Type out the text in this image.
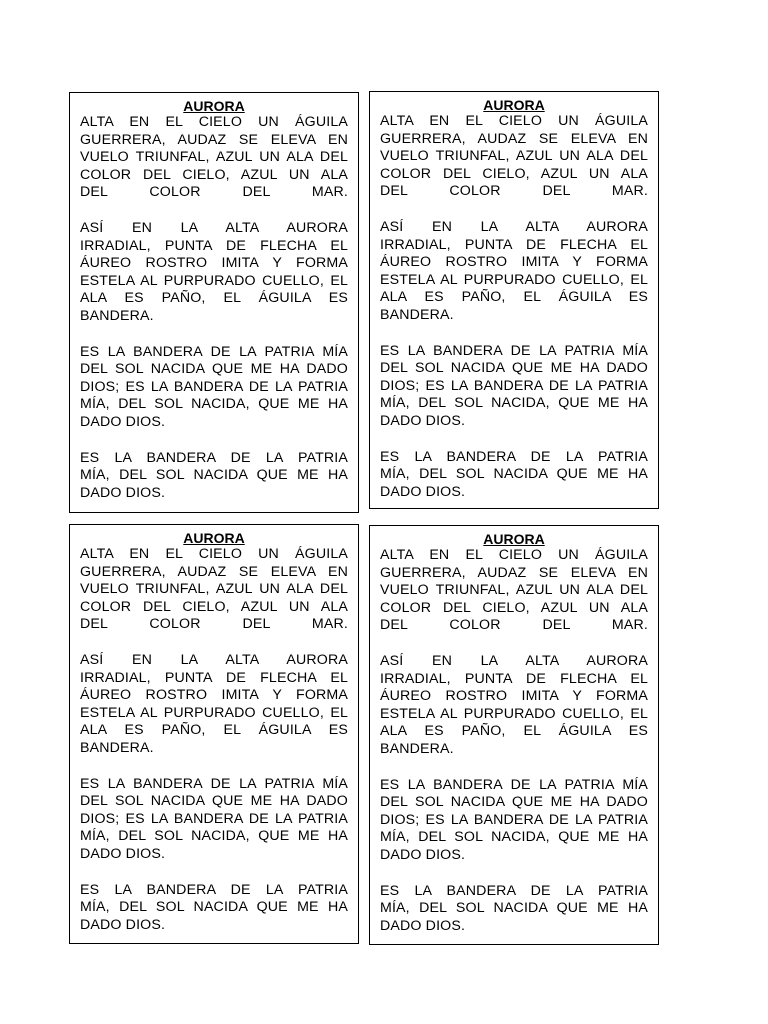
AURORA

ALTA EN EL CIELO UN ÁGUILA
GUERRERA, AUDAZ SE ELEVA EN
VUELO TRIUNFAL, AZUL UN ALA DEL
COLOR DEL CIELO, AZUL UN ALA
DEL COLOR DEL MAR.

ASÍ EN LA ALTA AURORA
IRRADIAL, PUNTA DE FLECHA EL
ÁUREO ROSTRO IMITA Y FORMA
ESTELA AL PURPURADO CUELLO, EL
ALA ES PAÑO, EL ÁGUILA ES
BANDERA.

ES LA BANDERA DE LA PATRIA MÍA
DEL SOL NACIDA QUE ME HA DADO
DIOS; ES LA BANDERA DE LA PATRIA
MÍA, DEL SOL NACIDA, QUE ME HA
DADO DIOS.

ES LA BANDERA DE LA PATRIA
MÍA, DEL SOL NACIDA QUE ME HA
DADO DIOS.

AURORA

ALTA EN EL CIELO UN ÁGUILA
GUERRERA, AUDAZ SE ELEVA EN
VUELO TRIUNFAL, AZUL UN ALA DEL
COLOR DEL CIELO, AZUL UN ALA
DEL COLOR DEL MAR.

ASÍ EN LA ALTA AURORA
IRRADIAL, PUNTA DE FLECHA EL
ÁUREO ROSTRO IMITA Y FORMA
ESTELA AL PURPURADO CUELLO, EL
ALA ES PAÑO, EL ÁGUILA ES
BANDERA.

ES LA BANDERA DE LA PATRIA MÍA
DEL SOL NACIDA QUE ME HA DADO
DIOS; ES LA BANDERA DE LA PATRIA
MÍA, DEL SOL NACIDA, QUE ME HA
DADO DIOS.

ES LA BANDERA DE LA PATRIA
MÍA, DEL SOL NACIDA QUE ME HA
DADO DIOS.

AURORA

ALTA EN EL CIELO UN ÁGUILA
GUERRERA, AUDAZ SE ELEVA EN
VUELO TRIUNFAL, AZUL UN ALA DEL
COLOR DEL CIELO, AZUL UN ALA
DEL COLOR DEL MAR.

ASÍ EN LA ALTA AURORA
IRRADIAL, PUNTA DE FLECHA EL
ÁUREO ROSTRO IMITA Y FORMA
ESTELA AL PURPURADO CUELLO, EL
ALA ES PAÑO, EL ÁGUILA ES
BANDERA.

ES LA BANDERA DE LA PATRIA MÍA
DEL SOL NACIDA QUE ME HA DADO
DIOS; ES LA BANDERA DE LA PATRIA
MÍA, DEL SOL NACIDA, QUE ME HA
DADO DIOS.

ES LA BANDERA DE LA PATRIA
MÍA, DEL SOL NACIDA QUE ME HA
DADO DIOS.

AURORA

ALTA EN EL CIELO UN ÁGUILA
GUERRERA, AUDAZ SE ELEVA EN
VUELO TRIUNFAL, AZUL UN ALA DEL
COLOR DEL CIELO, AZUL UN ALA
DEL COLOR DEL MAR.

ASÍ EN LA ALTA AURORA
IRRADIAL, PUNTA DE FLECHA EL
ÁUREO ROSTRO IMITA Y FORMA
ESTELA AL PURPURADO CUELLO, EL
ALA ES PAÑO, EL ÁGUILA ES
BANDERA.

ES LA BANDERA DE LA PATRIA MÍA
DEL SOL NACIDA QUE ME HA DADO
DIOS; ES LA BANDERA DE LA PATRIA
MÍA, DEL SOL NACIDA, QUE ME HA
DADO DIOS.

ES LA BANDERA DE LA PATRIA
MÍA, DEL SOL NACIDA QUE ME HA
DADO DIOS.
